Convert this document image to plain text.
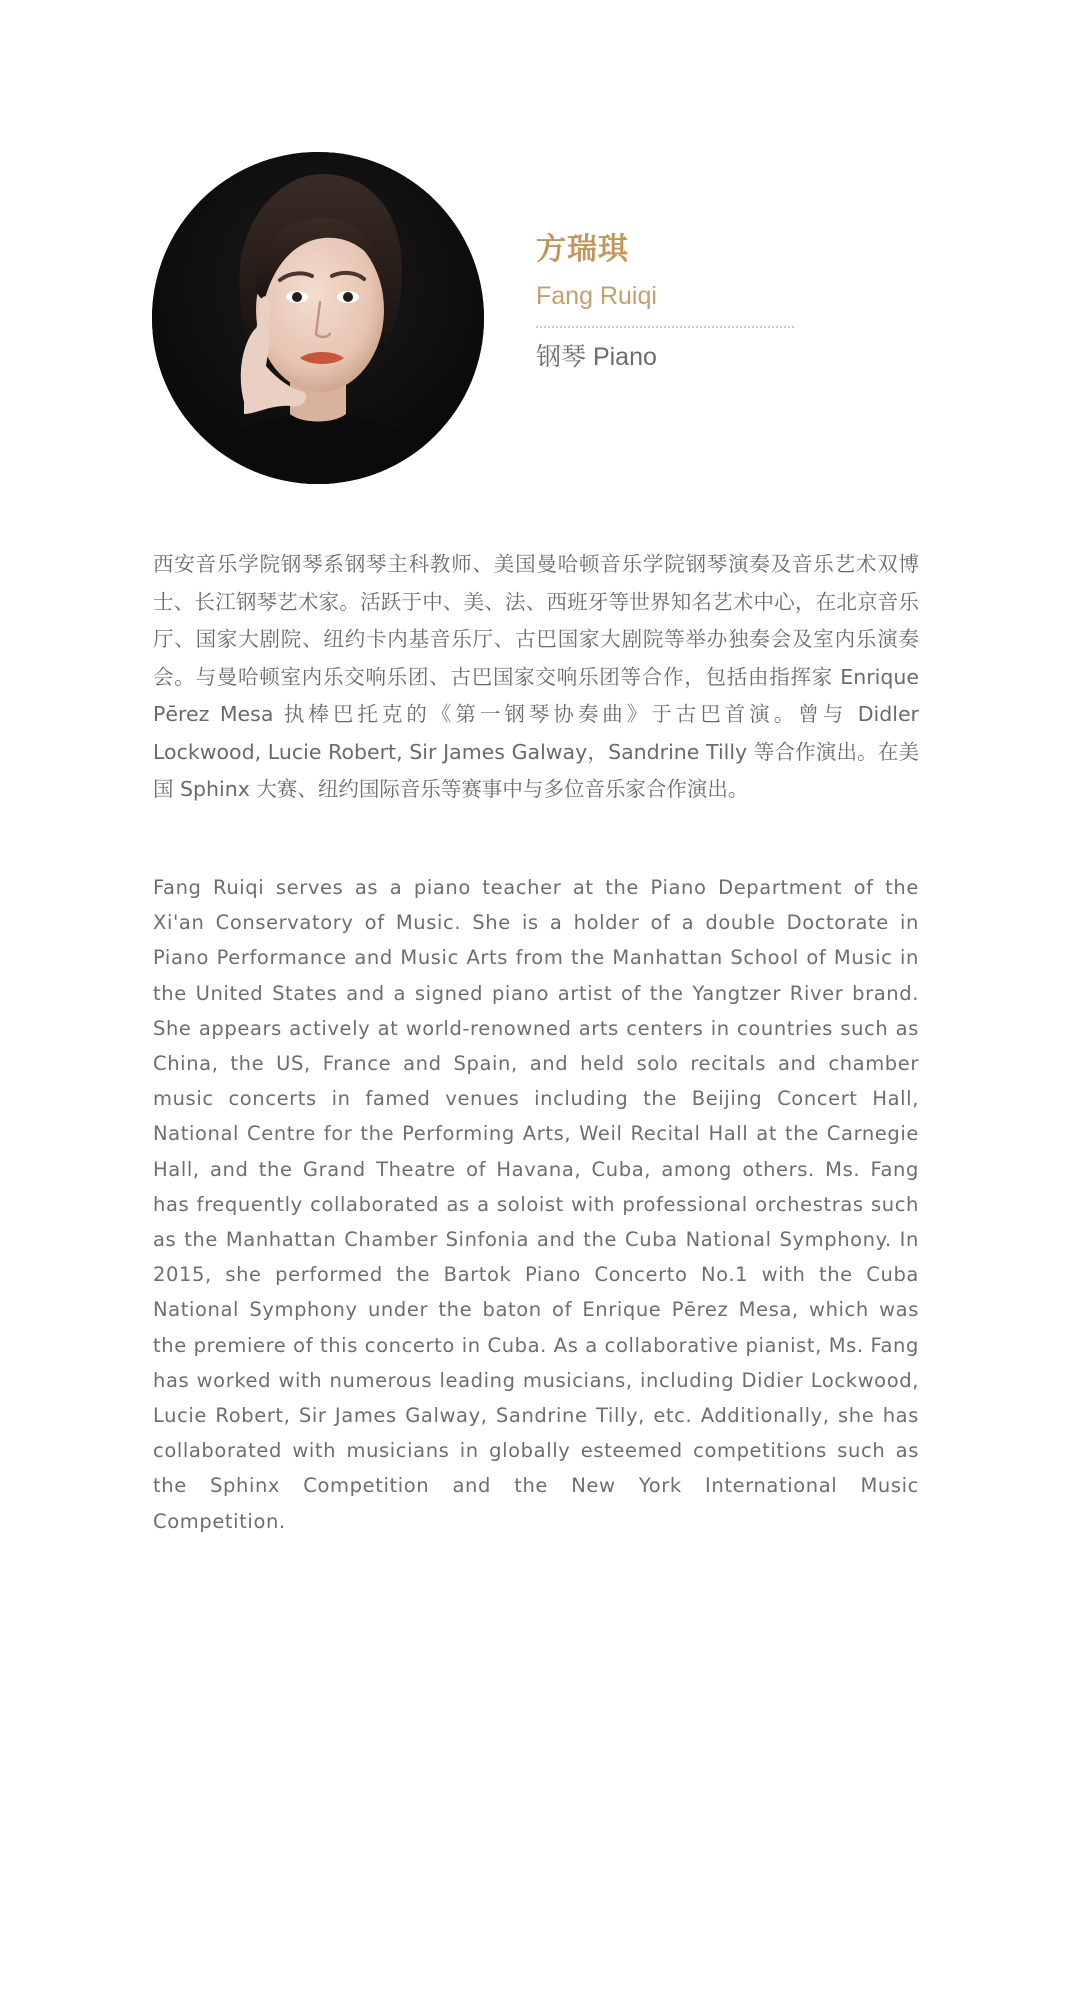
方瑞琪
Fang Ruiqi
钢琴 Piano

西安音乐学院钢琴系钢琴主科教师、美国曼哈顿音乐学院钢琴演奏及音乐艺术双博士、长江钢琴艺术家。活跃于中、美、法、西班牙等世界知名艺术中心，在北京音乐厅、国家大剧院、纽约卡内基音乐厅、古巴国家大剧院等举办独奏会及室内乐演奏会。与曼哈顿室内乐交响乐团、古巴国家交响乐团等合作，包括由指挥家 Enrique Pērez Mesa 执棒巴托克的《第一钢琴协奏曲》于古巴首演。曾与 Didler Lockwood, Lucie Robert, Sir James Galway，Sandrine Tilly 等合作演出。在美国 Sphinx 大赛、纽约国际音乐等赛事中与多位音乐家合作演出。

Fang Ruiqi serves as a piano teacher at the Piano Department of the Xi'an Conservatory of Music. She is a holder of a double Doctorate in Piano Performance and Music Arts from the Manhattan School of Music in the United States and a signed piano artist of the Yangtzer River brand. She appears actively at world-renowned arts centers in countries such as China, the US, France and Spain, and held solo recitals and chamber music concerts in famed venues including the Beijing Concert Hall, National Centre for the Performing Arts, Weil Recital Hall at the Carnegie Hall, and the Grand Theatre of Havana, Cuba, among others. Ms. Fang has frequently collaborated as a soloist with professional orchestras such as the Manhattan Chamber Sinfonia and the Cuba National Symphony. In 2015, she performed the Bartok Piano Concerto No.1 with the Cuba National Symphony under the baton of Enrique Pērez Mesa, which was the premiere of this concerto in Cuba. As a collaborative pianist, Ms. Fang has worked with numerous leading musicians, including Didier Lockwood, Lucie Robert, Sir James Galway, Sandrine Tilly, etc. Additionally, she has collaborated with musicians in globally esteemed competitions such as the Sphinx Competition and the New York International Music Competition.
